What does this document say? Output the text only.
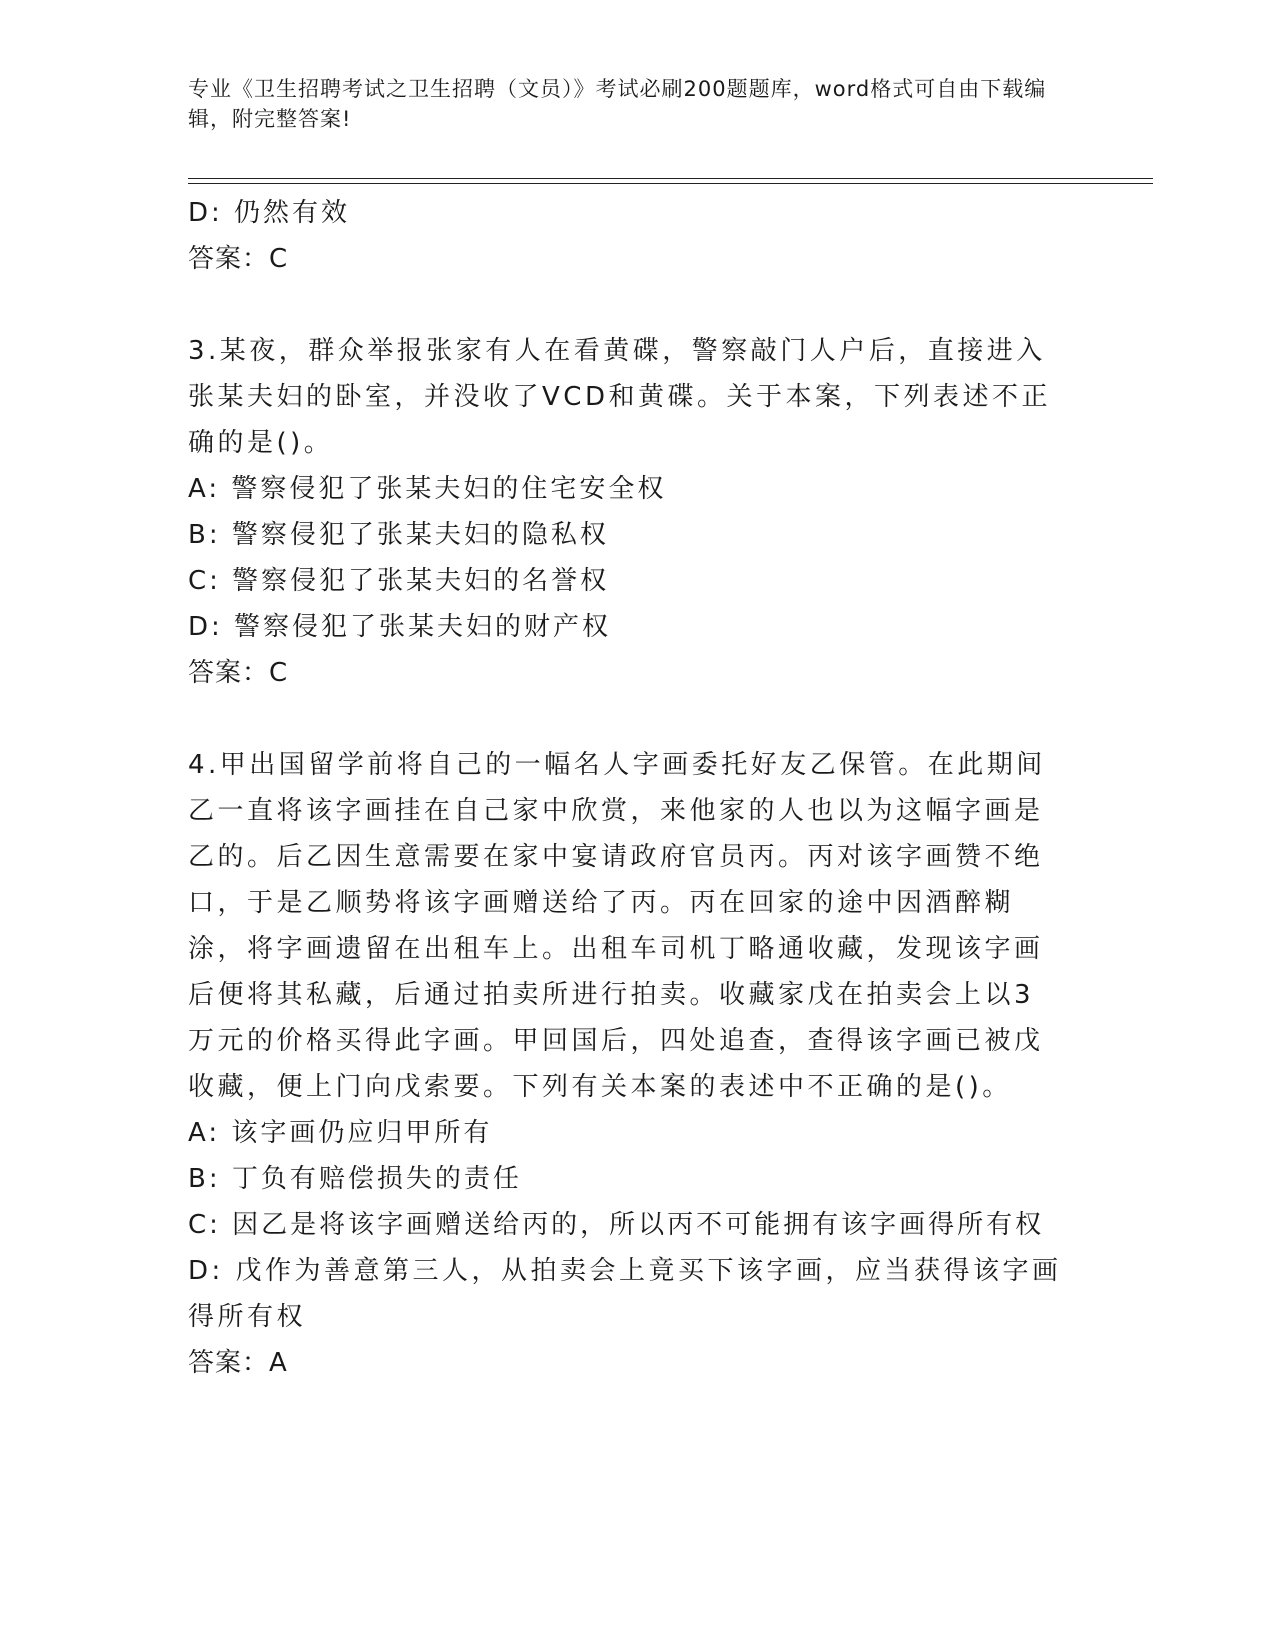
专业《卫生招聘考试之卫生招聘（文员）》考试必刷200题题库，word格式可自由下载编辑，附完整答案!

D: 仍然有效

答案：C

3.某夜，群众举报张家有人在看黄碟，警察敲门人户后，直接进入张某夫妇的卧室，并没收了VCD和黄碟。关于本案，下列表述不正确的是()。

A: 警察侵犯了张某夫妇的住宅安全权

B: 警察侵犯了张某夫妇的隐私权

C: 警察侵犯了张某夫妇的名誉权

D: 警察侵犯了张某夫妇的财产权

答案：C

4.甲出国留学前将自己的一幅名人字画委托好友乙保管。在此期间乙一直将该字画挂在自己家中欣赏，来他家的人也以为这幅字画是乙的。后乙因生意需要在家中宴请政府官员丙。丙对该字画赞不绝口，于是乙顺势将该字画赠送给了丙。丙在回家的途中因酒醉糊涂，将字画遗留在出租车上。出租车司机丁略通收藏，发现该字画后便将其私藏，后通过拍卖所进行拍卖。收藏家戊在拍卖会上以3万元的价格买得此字画。甲回国后，四处追查，查得该字画已被戊收藏，便上门向戊索要。下列有关本案的表述中不正确的是()。

A: 该字画仍应归甲所有

B: 丁负有赔偿损失的责任

C: 因乙是将该字画赠送给丙的，所以丙不可能拥有该字画得所有权

D: 戊作为善意第三人，从拍卖会上竟买下该字画，应当获得该字画得所有权

答案：A
